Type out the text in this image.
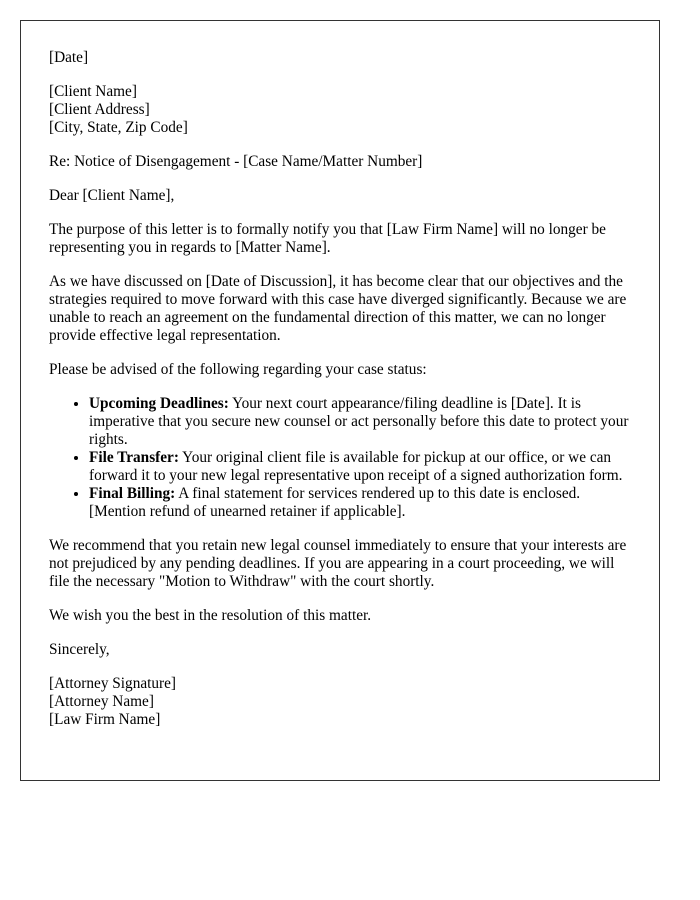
[Date]

[Client Name]
[Client Address]
[City, State, Zip Code]

Re: Notice of Disengagement - [Case Name/Matter Number]

Dear [Client Name],

The purpose of this letter is to formally notify you that [Law Firm Name] will no longer be representing you in regards to [Matter Name].

As we have discussed on [Date of Discussion], it has become clear that our objectives and the strategies required to move forward with this case have diverged significantly. Because we are unable to reach an agreement on the fundamental direction of this matter, we can no longer provide effective legal representation.

Please be advised of the following regarding your case status:

• Upcoming Deadlines: Your next court appearance/filing deadline is [Date]. It is imperative that you secure new counsel or act personally before this date to protect your rights.
• File Transfer: Your original client file is available for pickup at our office, or we can forward it to your new legal representative upon receipt of a signed authorization form.
• Final Billing: A final statement for services rendered up to this date is enclosed. [Mention refund of unearned retainer if applicable].

We recommend that you retain new legal counsel immediately to ensure that your interests are not prejudiced by any pending deadlines. If you are appearing in a court proceeding, we will file the necessary "Motion to Withdraw" with the court shortly.

We wish you the best in the resolution of this matter.

Sincerely,

[Attorney Signature]
[Attorney Name]
[Law Firm Name]
